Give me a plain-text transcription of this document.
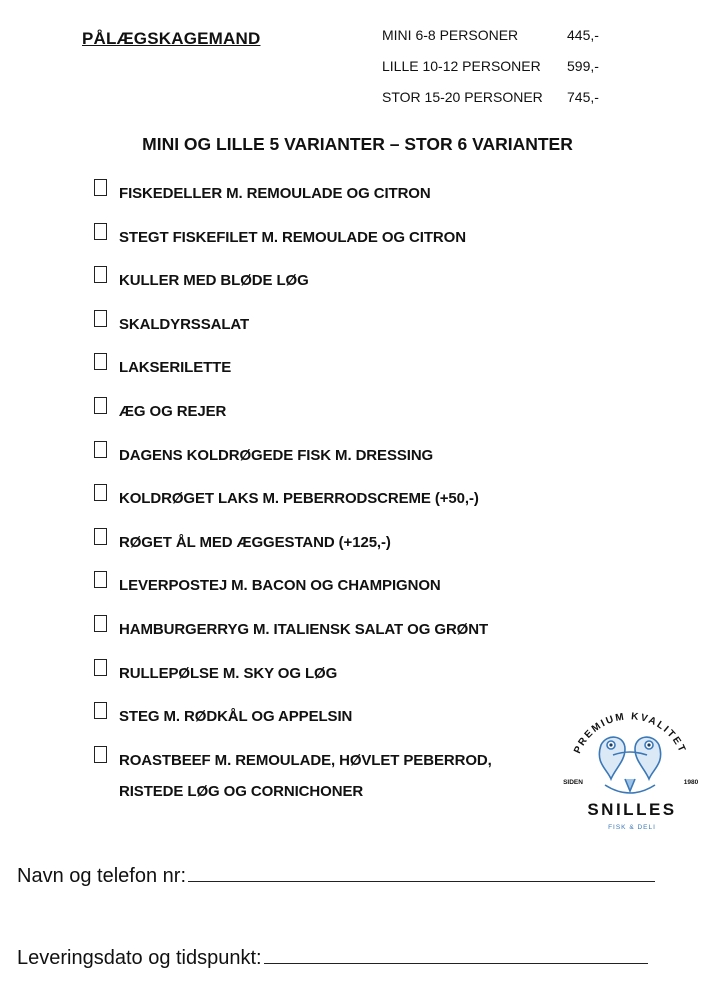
PÅLÆGSKAGEMAND	MINI 6-8 PERSONER	445,-
LILLE 10-12 PERSONER 599,-
STOR 15-20 PERSONER 745,-
MINI OG LILLE 5 VARIANTER – STOR 6 VARIANTER
FISKEDELLER M. REMOULADE OG CITRON
STEGT FISKEFILET M. REMOULADE OG CITRON
KULLER MED BLØDE LØG
SKALDYRSSALAT
LAKSERILETTE
ÆG OG REJER
DAGENS KOLDRØGEDE FISK M. DRESSING
KOLDRØGET LAKS M. PEBERRODSCREME (+50,-)
RØGET ÅL MED ÆGGESTAND (+125,-)
LEVERPOSTEJ M. BACON OG CHAMPIGNON
HAMBURGERRYG M. ITALIENSK SALAT OG GRØNT
RULLEPØLSE M. SKY OG LØG
STEG M. RØDKÅL OG APPELSIN
ROASTBEEF M. REMOULADE, HØVLET PEBERROD,
RISTEDE LØG OG CORNICHONER
PREMIUM KVALITET
SIDEN	1980
SNILLES
FISK & DELI
Navn og telefon nr:
Leveringsdato og tidspunkt:
